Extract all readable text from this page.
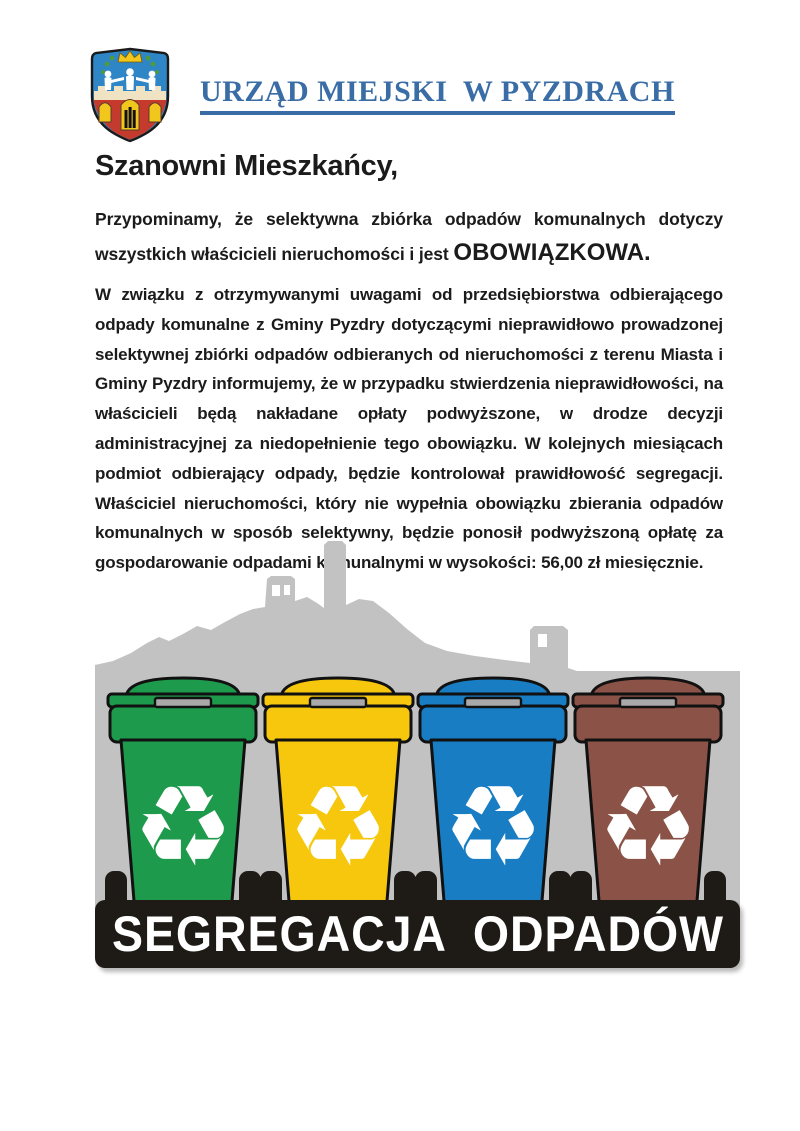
URZĄD MIEJSKI  W PYZDRACH
Szanowni Mieszkańcy,

Przypominamy, że selektywna zbiórka odpadów komunalnych dotyczy wszystkich właścicieli nieruchomości i jest OBOWIĄZKOWA.

W związku z otrzymywanymi uwagami od przedsiębiorstwa odbierającego odpady komunalne z Gminy Pyzdry dotyczącymi nieprawidłowo prowadzonej selektywnej zbiórki odpadów odbieranych od nieruchomości z terenu Miasta i Gminy Pyzdry informujemy, że w przypadku stwierdzenia nieprawidłowości, na właścicieli będą nakładane opłaty podwyższone, w drodze decyzji administracyjnej za niedopełnienie tego obowiązku. W kolejnych miesiącach podmiot odbierający odpady, będzie kontrolował prawidłowość segregacji. Właściciel nieruchomości, który nie wypełnia obowiązku zbierania odpadów komunalnych w sposób selektywny, będzie ponosił podwyższoną opłatę za gospodarowanie odpadami komunalnymi w wysokości: 56,00 zł miesięcznie.

♻ ♻ ♻ ♻
SEGREGACJA  ODPADÓW
